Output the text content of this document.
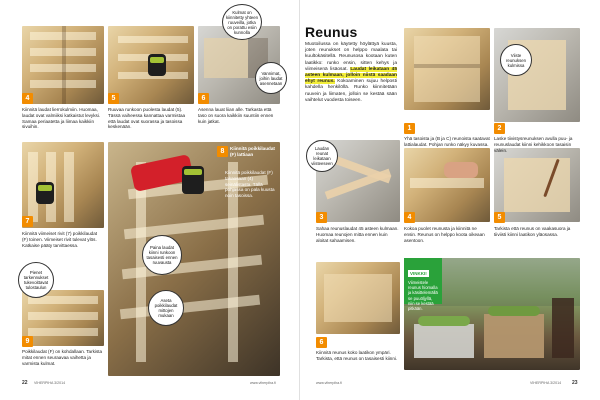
4	5	6
Kulmat on kiinnitetty yhteen ruuveilla, jotka on porattu esiin kunnolla
Vannimat, joihin laudat asennetaan
Kiinnitä laudat lierrokulmiin. Huomaa, laudat ovat valmiiksi katkaistut levyksi. Samaa periaatetta ja liimaa kaikkiin sivuihin.
Ruuvaa runkoon puolesta laudat (5). Tässä vaiheessa kannattaa varmistaa että laudat ovat suorassa ja tasoissa keskenään.
Asenna lauat liian alle. Tarkasta että taso on suora kaikkiin suuntiin ennen kuin jatkat.
7
Kiinnitä viimeiset rivit (7) poikkilaudat (F) toinen. Viimeiset rivit tulevat ylös. Katkaise pääty tarvittaessa.
8	Kiinnitä poikkilaudat (F) lattiaan
Paina laudat kiinni runkoon tasaisesti ennen ruuvausta
Aseta poikkilaudat mittojen mukaan
Pienet tarkennukset tukevoittavat tulostaulun
9
Poikkilaudat (F) on kohdallaan. Tarkista mitat ennen seuraavaa vaihetta ja varmista kulmat.
Kiinnitä poikkilaudat (F) takaosaan (4) seinälistasta. Tällä pohjassa on pala kuusta noin tasoissa.
22 VIHERPIHA 3/2014	www.viherpiha.fi
Reunus
Muotoilussa on käytetty höylättyä kuusta, joten reunukset on helppo maalata tai kuultokäsitellä. Reunusosa kootaan kuten laatikko: runko ensin, sitten kehys ja viimeisenä lisäosat. Laudat leikataan 45 asteen kulmaan, jolloin niistä saadaan ehyt reunus. Kokoaminen sujuu helposti kahdella henkilöllä. Runko kiinnitetään ruuvein ja liimaten, jolloin se kestää sään vaihtelut vuodesta toiseen.
1	2
Viiste reunuksen kulmissa
Yhä tasoista ja (B ja C) reunoista saatavat lattialaudat. Pohjan runko näkyy kuvassa.
Laske tiivistysreunuksen avulla puu- ja reunuslaudat kiinni kehikkoon tasaisin välein.
3
Laudan reunat leikataan viisteeseen
4	5
Sahaa reunuslaudat 45 asteen kulmaan. Huomaa reunojen mitta ennen kuin aloitat sahaamisen.
Kokoa puolet reunusta ja kiinnitä ne ensin. Reunus on helppo koota oikeaan asentoon.
Tarkista että reunus on vaakasuora ja tiiviisti kiinni laatikon yläosassa.
6
Kiinnitä reunus koko laatikon ympäri. Tarkista, että reunus on tasaisesti kiinni.
VINKKI!
Viimeistele reunus hiomalla ja käsittelemällä se puuöljyllä, niin se kestää pitkään.
www.viherpiha.fi	VIHERPIHA 3/2014 23
